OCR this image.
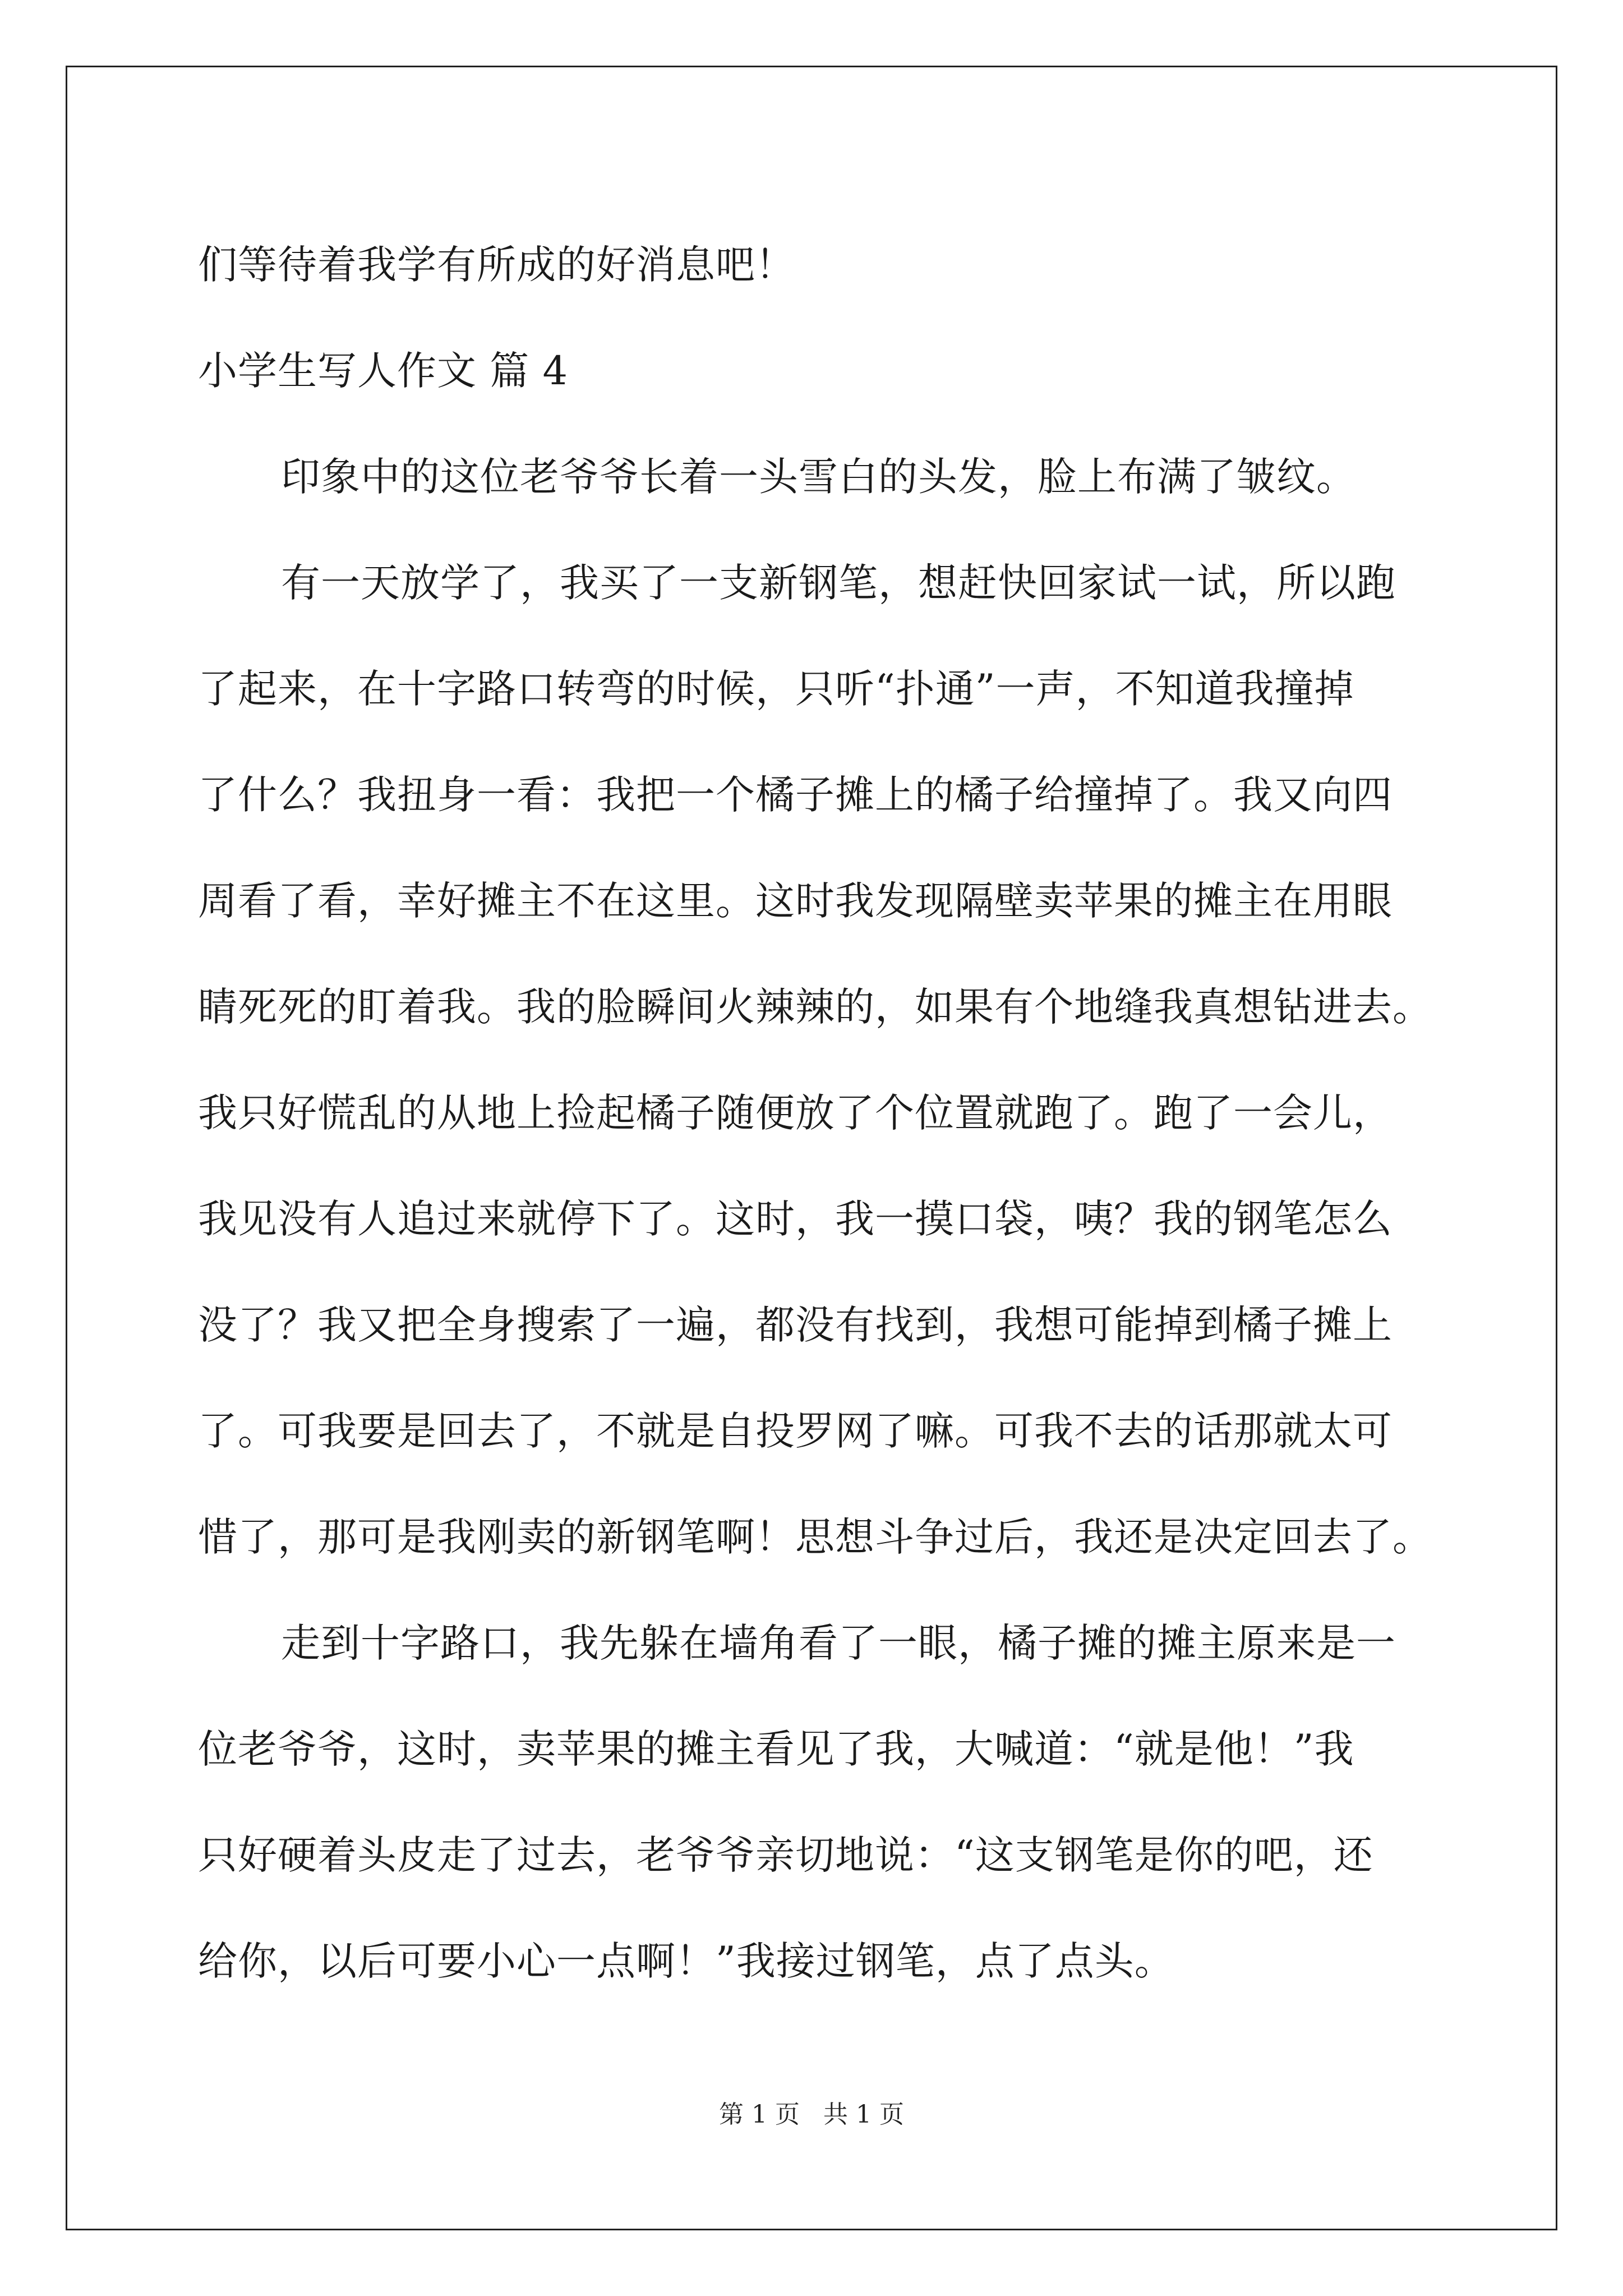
们等待着我学有所成的好消息吧！
小学生写人作文 篇 4
印象中的这位老爷爷长着一头雪白的头发，脸上布满了皱纹。
有一天放学了，我买了一支新钢笔，想赶快回家试一试，所以跑
了起来，在十字路口转弯的时候，只听“扑通”一声，不知道我撞掉
了什么？我扭身一看：我把一个橘子摊上的橘子给撞掉了。我又向四
周看了看，幸好摊主不在这里。这时我发现隔壁卖苹果的摊主在用眼
睛死死的盯着我。我的脸瞬间火辣辣的，如果有个地缝我真想钻进去。
我只好慌乱的从地上捡起橘子随便放了个位置就跑了。跑了一会儿，
我见没有人追过来就停下了。这时，我一摸口袋，咦？我的钢笔怎么
没了？我又把全身搜索了一遍，都没有找到，我想可能掉到橘子摊上
了。可我要是回去了，不就是自投罗网了嘛。可我不去的话那就太可
惜了，那可是我刚卖的新钢笔啊！思想斗争过后，我还是决定回去了。
走到十字路口，我先躲在墙角看了一眼，橘子摊的摊主原来是一
位老爷爷，这时，卖苹果的摊主看见了我，大喊道：“就是他！”我
只好硬着头皮走了过去，老爷爷亲切地说：“这支钢笔是你的吧，还
给你，以后可要小心一点啊！”我接过钢笔，点了点头。
第 1 页   共 1 页
